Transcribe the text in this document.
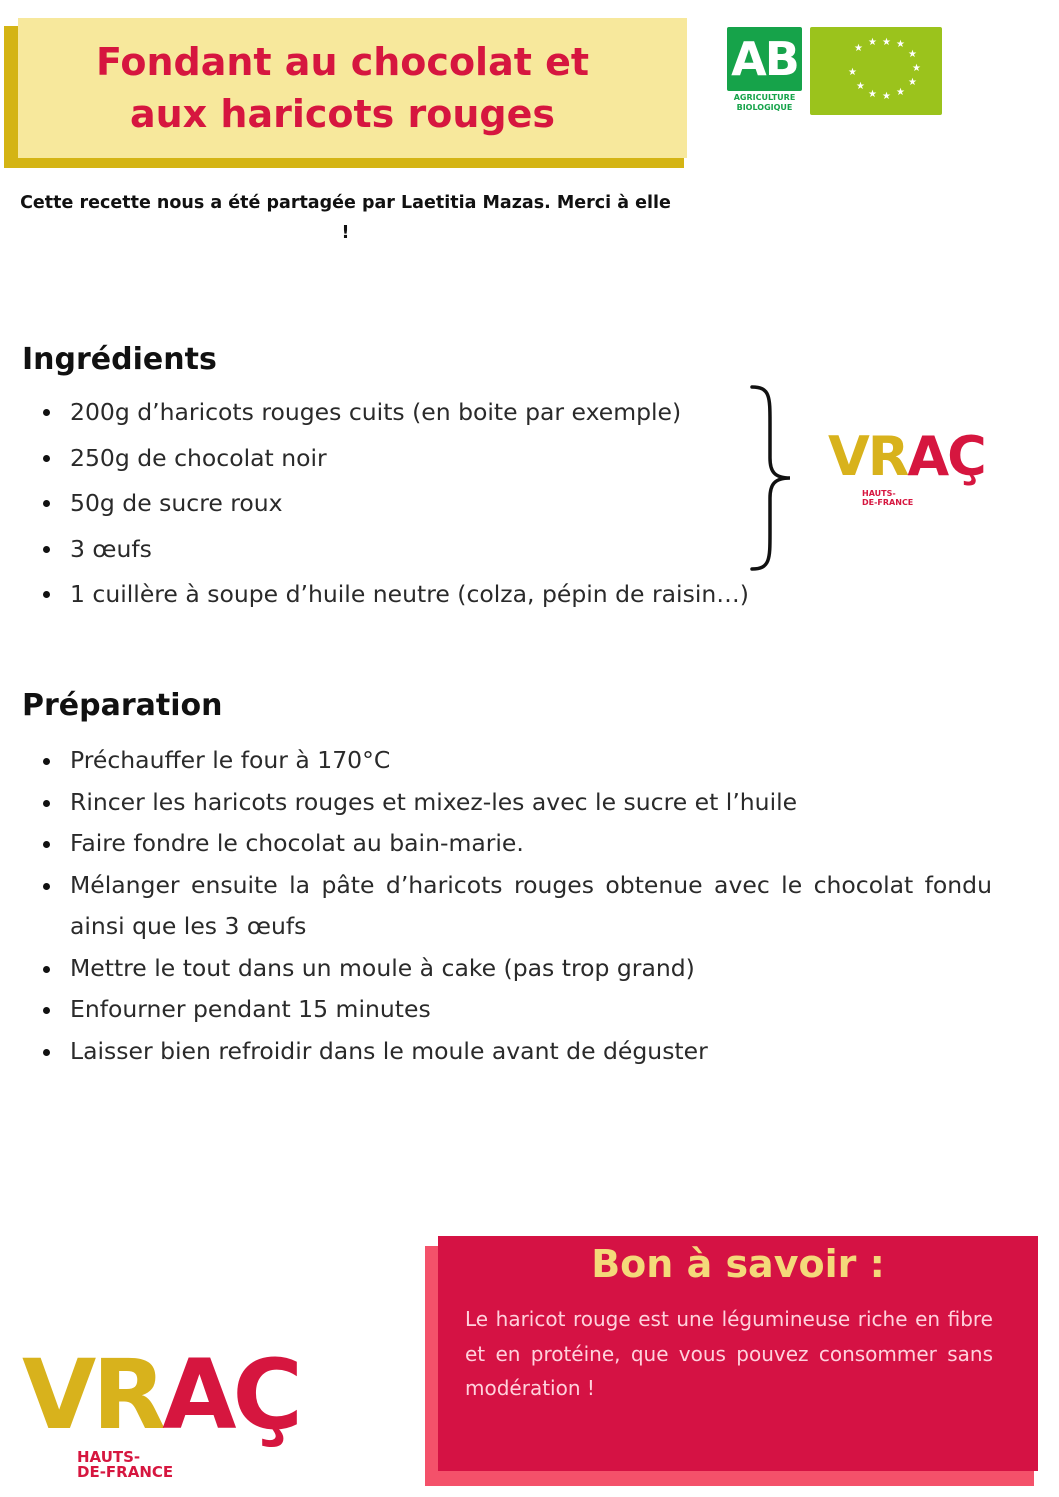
Fondant au chocolat et
aux haricots rouges
AB
AGRICULTURE
BIOLOGIQUE
★
★ ★ ★
★
★
★
★
★
★
★
★
Cette recette nous a été partagée par Laetitia Mazas. Merci à elle !
Ingrédients
200g d’haricots rouges cuits (en boite par exemple)
250g de chocolat noir
50g de sucre roux
3 œufs
1 cuillère à soupe d’huile neutre (colza, pépin de raisin…)
VRAÇ
HAUTS-
DE-FRANCE
Préparation
Préchauffer le four à 170°C
Rincer les haricots rouges et mixez-les avec le sucre et l’huile
Faire fondre le chocolat au bain-marie.
Mélanger ensuite la pâte d’haricots rouges obtenue avec le chocolat fondu ainsi que les 3 œufs
Mettre le tout dans un moule à cake (pas trop grand)
Enfourner pendant 15 minutes
Laisser bien refroidir dans le moule avant de déguster
Bon à savoir :
Le haricot rouge est une légumineuse riche en fibre et en protéine, que vous pouvez consommer sans modération !
VRAÇ
HAUTS-
DE-FRANCE
